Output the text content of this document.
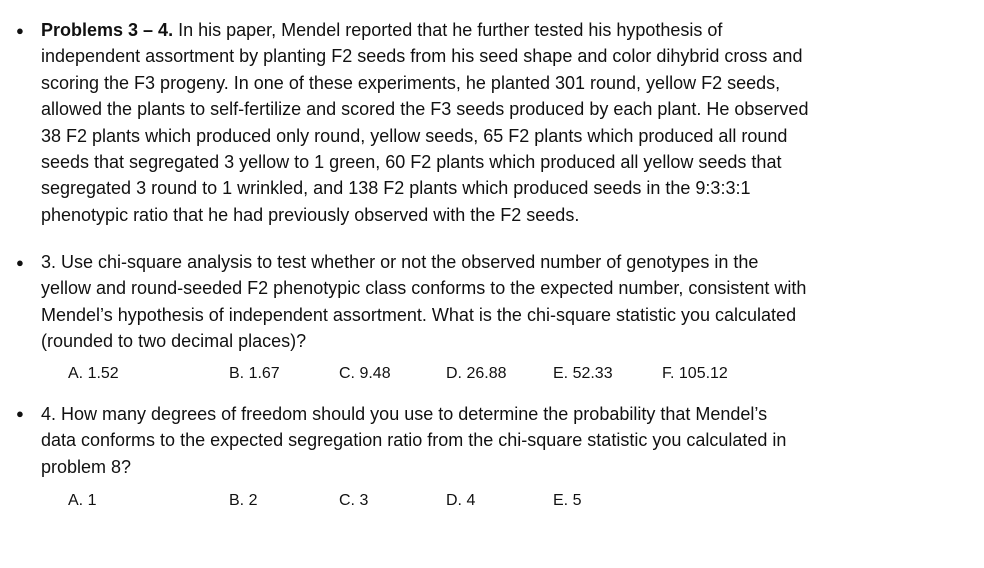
● Problems 3 – 4. In his paper, Mendel reported that he further tested his hypothesis of
independent assortment by planting F2 seeds from his seed shape and color dihybrid cross and
scoring the F3 progeny. In one of these experiments, he planted 301 round, yellow F2 seeds,
allowed the plants to self-fertilize and scored the F3 seeds produced by each plant. He observed
38 F2 plants which produced only round, yellow seeds, 65 F2 plants which produced all round
seeds that segregated 3 yellow to 1 green, 60 F2 plants which produced all yellow seeds that
segregated 3 round to 1 wrinkled, and 138 F2 plants which produced seeds in the 9:3:3:1
phenotypic ratio that he had previously observed with the F2 seeds.
● 3. Use chi-square analysis to test whether or not the observed number of genotypes in the
yellow and round-seeded F2 phenotypic class conforms to the expected number, consistent with
Mendel’s hypothesis of independent assortment. What is the chi-square statistic you calculated
(rounded to two decimal places)?
A. 1.52	B. 1.67	C. 9.48	D. 26.88	E. 52.33	F. 105.12
● 4. How many degrees of freedom should you use to determine the probability that Mendel’s
data conforms to the expected segregation ratio from the chi-square statistic you calculated in
problem 8?
A. 1	B. 2	C. 3	D. 4	E. 5
